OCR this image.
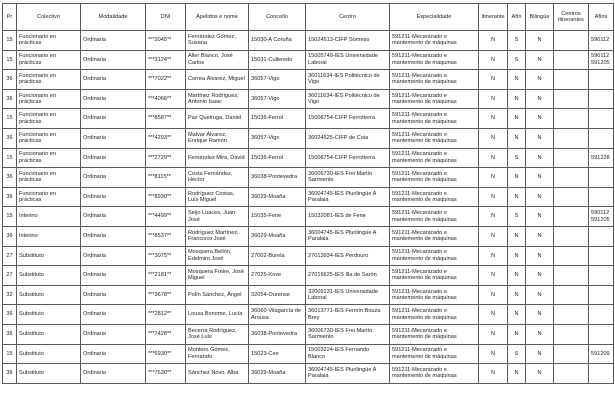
Pr	Colectivo	Modalidade	DNI	Apelidos e nome	Concello	Centro	Especialidade	Itinerante	Afín	Bilingüe	Centros itinerantes	Afíns
15	Funcionario en prácticas	Ordinaria	***2045**	Fernández Gómez, Susana	15030-A Coruña	15024513-CIFP Someso	591211-Mecanizado e mantemento de máquinas	N	S	N		590112
15	Funcionario en prácticas	Ordinaria	***3124**	Aller Blanco, José Carlos	15031-Culleredo	15005749-IES Universidade Laboral	591211-Mecanizado e mantemento de máquinas	N	S	N		590112 591205
36	Funcionario en prácticas	Ordinaria	***7022**	Correa Álvarez, Miguel	36057-Vigo	36011634-IES Politécnico de Vigo	591211-Mecanizado e mantemento de máquinas	N	N	N		
36	Funcionario en prácticas	Ordinaria	***4066**	Martínez Rodríguez, Antonio Isaac	36057-Vigo	36011634-IES Politécnico de Vigo	591211-Mecanizado e mantemento de máquinas	N	N	N		
15	Funcionario en prácticas	Ordinaria	***8587**	Paz Quelruga, Daniel	15036-Ferrol	15006754-CIFP Ferrolterra	591211-Mecanizado e mantemento de máquinas	N	N	N		
36	Funcionario en prácticas	Ordinaria	***4293**	Malvar Álvarez, Enrique Ramón	36057-Vigo	36024525-CIFP de Coia	591211-Mecanizado e mantemento de máquinas	N	N	N		
15	Funcionario en prácticas	Ordinaria	***2729**	Fernández Mira, David	15036-Ferrol	15006754-CIFP Ferrolterra	591211-Mecanizado e mantemento de máquinas	N	S	N		591228
36	Funcionario en prácticas	Ordinaria	***8115**	Costa Fernández, Héctor	36038-Pontevedra	36006730-IES Frei Martín Sarmiento	591211-Mecanizado e mantemento de máquinas	N	N	N		
36	Funcionario en prácticas	Ordinaria	***8930**	Rodríguez Costas, Luis Miguel	36029-Moaña	36004745-IES Plurilingüe A Paralaia	591211-Mecanizado e mantemento de máquinas	N	N	N		
15	Interino	Ordinaria	***4499**	Seijo Luaces, Juan José	15035-Fene	15032081-IES de Fene	591211-Mecanizado e mantemento de máquinas	N	S	N		590112 591205
36	Interino	Ordinaria	***8537**	Rodríguez Martínez, Francisco José	36029-Moaña	36004745-IES Plurilingüe A Paralaia	591211-Mecanizado e mantemento de máquinas	N	N	N		
27	Substituto	Ordinaria	***3075**	Mosquera Bellón, Edelmiro José	27002-Burela	27013934-IES Perdouro	591211-Mecanizado e mantemento de máquinas	N	N	N		
27	Substituto	Ordinaria	***2181**	Mosquera Freire, José Miguel	27025-Xove	27016625-IES Illa de Sarón	591211-Mecanizado e mantemento de máquinas	N	N	N		
32	Substituto	Ordinaria	***3678**	Polín Sánchez, Ángel	32054-Ourense	32009131-IES Universidade Laboral	591211-Mecanizado e mantemento de máquinas	N	N	N		
36	Substituto	Ordinaria	***2812**	Lousa Bonome, Lucía	36060-Vilagarcía de Arousa	36013771-IES Fermín Bouza Brey	591211-Mecanizado e mantemento de máquinas	N	N	N		
36	Substituto	Ordinaria	***7428**	Becerra Rodríguez, José Luis	36038-Pontevedra	36006730-IES Frei Martín Sarmiento	591211-Mecanizado e mantemento de máquinas	N	N	N		
15	Substituto	Ordinaria	***6930**	Montero Gómez, Fernando	15023-Cee	15003224-IES Fernando Blanco	591211-Mecanizado e mantemento de máquinas	N	S	N		591209
36	Substituto	Ordinaria	***7530**	Sánchez Novo, Alba	36029-Moaña	36004745-IES Plurilingüe A Paralaia	591211-Mecanizado e mantemento de máquinas	N	N	N		
